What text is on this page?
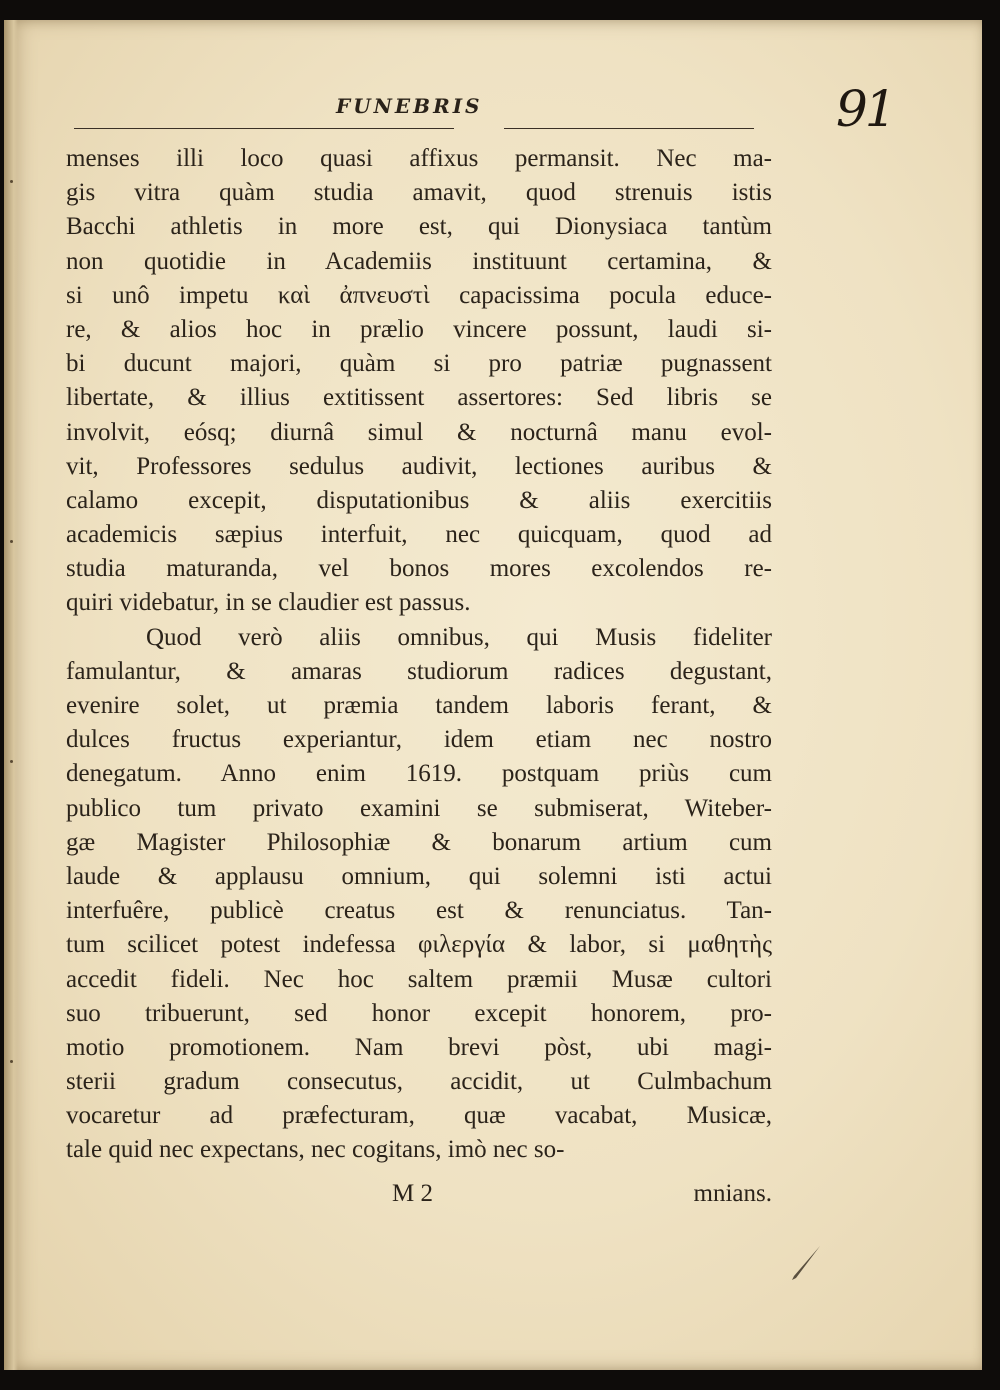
FUNEBRIS	91
menses illi loco quasi affixus permansit. Nec ma-
gis vitra quàm studia amavit, quod strenuis istis
Bacchi athletis in more est, qui Dionysiaca tantùm
non quotidie in Academiis instituunt certamina, &
si unô impetu καὶ ἀπνευστὶ capacissima pocula educe-
re, & alios hoc in prælio vincere possunt, laudi si-
bi ducunt majori, quàm si pro patriæ pugnassent
libertate, & illius extitissent assertores: Sed libris se
involvit, eósq; diurnâ simul & nocturnâ manu evol-
vit, Professores sedulus audivit, lectiones auribus &
calamo excepit, disputationibus & aliis exercitiis
academicis sæpius interfuit, nec quicquam, quod ad
studia maturanda, vel bonos mores excolendos re-
quiri videbatur, in se claudier est passus.
Quod verò aliis omnibus, qui Musis fideliter
famulantur, & amaras studiorum radices degustant,
evenire solet, ut præmia tandem laboris ferant, &
dulces fructus experiantur, idem etiam nec nostro
denegatum. Anno enim 1619. postquam priùs cum
publico tum privato examini se submiserat, Witeber-
gæ Magister Philosophiæ & bonarum artium cum
laude & applausu omnium, qui solemni isti actui
interfuêre, publicè creatus est & renunciatus. Tan-
tum scilicet potest indefessa φιλεργία & labor, si μαθητὴς
accedit fideli. Nec hoc saltem præmii Musæ cultori
suo tribuerunt, sed honor excepit honorem, pro-
motio promotionem. Nam brevi pòst, ubi magi-
sterii gradum consecutus, accidit, ut Culmbachum
vocaretur ad præfecturam, quæ vacabat, Musicæ,
tale quid nec expectans, nec cogitans, imò nec so-
M 2	mnians.
